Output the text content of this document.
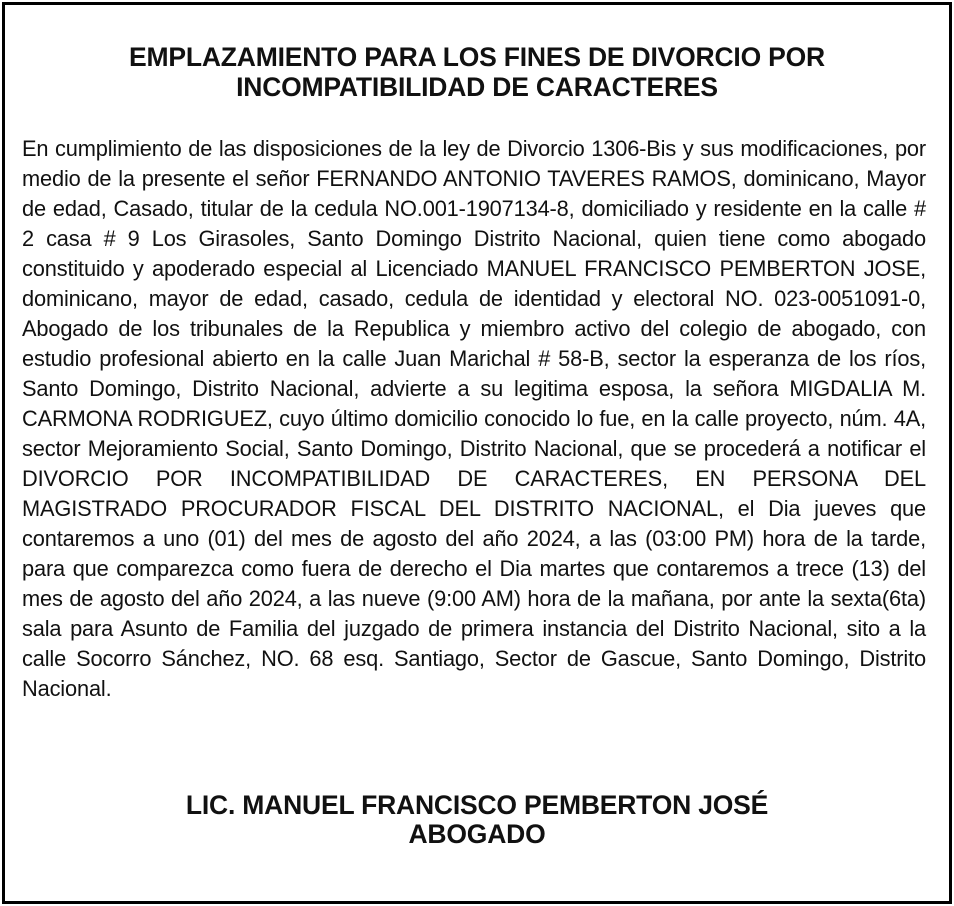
EMPLAZAMIENTO PARA LOS FINES DE DIVORCIO POR
INCOMPATIBILIDAD DE CARACTERES

En cumplimiento de las disposiciones de la ley de Divorcio 1306-Bis y sus modificaciones, por medio de la presente el señor FERNANDO ANTONIO TAVERES RAMOS, dominicano, Mayor de edad, Casado, titular de la cedula NO.001-1907134-8, domiciliado y residente en la calle # 2 casa # 9 Los Girasoles, Santo Domingo Distrito Nacional, quien tiene como abogado constituido y apoderado especial al Licenciado MANUEL FRANCISCO PEMBERTON JOSE, dominicano, mayor de edad, casado, cedula de identidad y electoral NO. 023-0051091-0, Abogado de los tribunales de la Republica y miembro activo del colegio de abogado, con estudio profesional abierto en la calle Juan Marichal # 58-B, sector la esperanza de los ríos, Santo Domingo, Distrito Nacional, advierte a su legitima esposa, la señora MIGDALIA M. CARMONA RODRIGUEZ, cuyo último domicilio conocido lo fue, en la calle proyecto, núm. 4A, sector Mejoramiento Social, Santo Domingo, Distrito Nacional, que se procederá a notificar el DIVORCIO POR INCOMPATIBILIDAD DE CARACTERES, EN PERSONA DEL MAGISTRADO PROCURADOR FISCAL DEL DISTRITO NACIONAL, el Dia jueves que contaremos a uno (01) del mes de agosto del año 2024, a las (03:00 PM) hora de la tarde, para que comparezca como fuera de derecho el Dia martes que contaremos a trece (13) del mes de agosto del año 2024, a las nueve (9:00 AM) hora de la mañana, por ante la sexta(6ta) sala para Asunto de Familia del juzgado de primera instancia del Distrito Nacional, sito a la calle Socorro Sánchez, NO. 68 esq. Santiago, Sector de Gascue, Santo Domingo, Distrito Nacional.

LIC. MANUEL FRANCISCO PEMBERTON JOSÉ
ABOGADO
